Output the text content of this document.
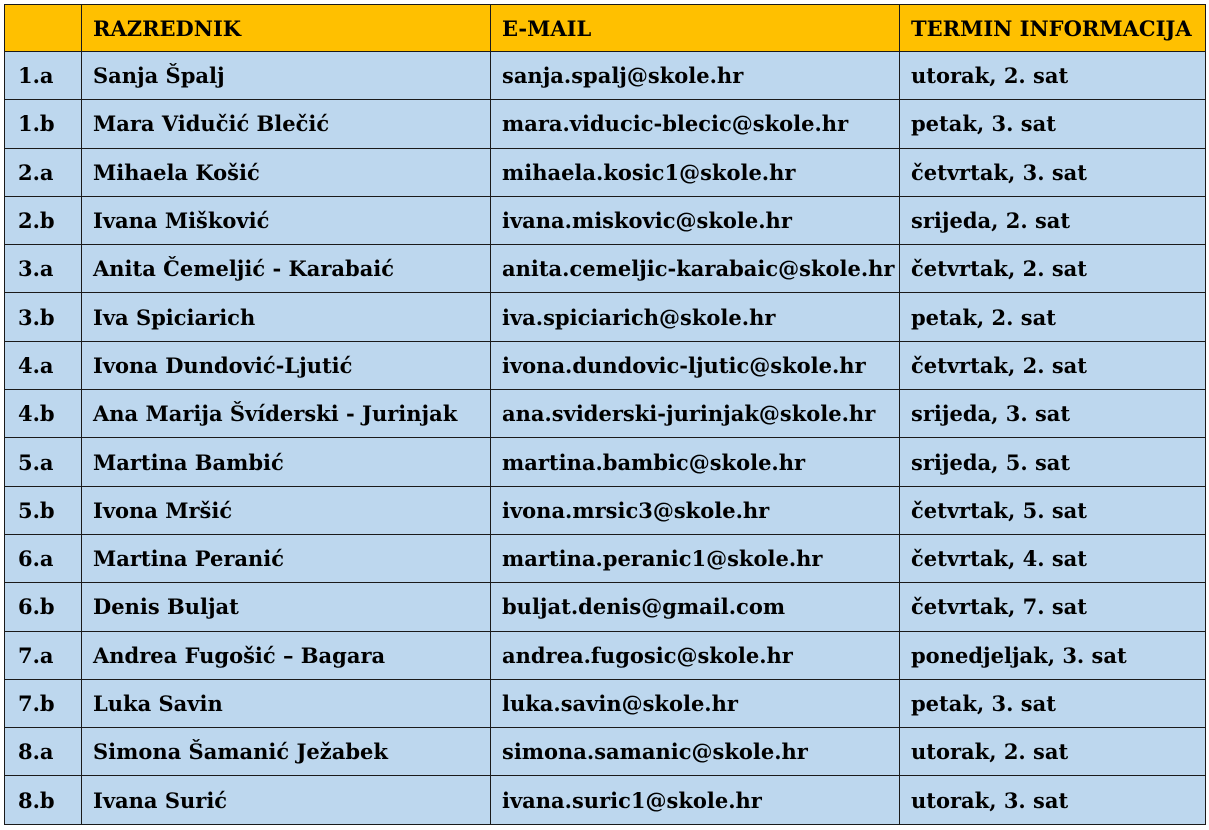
	RAZREDNIK	E-MAIL	TERMIN INFORMACIJA
1.a	Sanja Špalj	sanja.spalj@skole.hr	utorak, 2. sat
1.b	Mara Vidučić Blečić	mara.viducic-blecic@skole.hr	petak, 3. sat
2.a	Mihaela Košić	mihaela.kosic1@skole.hr	četvrtak, 3. sat
2.b	Ivana Mišković	ivana.miskovic@skole.hr	srijeda, 2. sat
3.a	Anita Čemeljić - Karabaić	anita.cemeljic-karabaic@skole.hr	četvrtak, 2. sat
3.b	Iva Spiciarich	iva.spiciarich@skole.hr	petak, 2. sat
4.a	Ivona Dundović-Ljutić	ivona.dundovic-ljutic@skole.hr	četvrtak, 2. sat
4.b	Ana Marija Švíderski - Jurinjak	ana.sviderski-jurinjak@skole.hr	srijeda, 3. sat
5.a	Martina Bambić	martina.bambic@skole.hr	srijeda, 5. sat
5.b	Ivona Mršić	ivona.mrsic3@skole.hr	četvrtak, 5. sat
6.a	Martina Peranić	martina.peranic1@skole.hr	četvrtak, 4. sat
6.b	Denis Buljat	buljat.denis@gmail.com	četvrtak, 7. sat
7.a	Andrea Fugošić – Bagara	andrea.fugosic@skole.hr	ponedjeljak, 3. sat
7.b	Luka Savin	luka.savin@skole.hr	petak, 3. sat
8.a	Simona Šamanić Ježabek	simona.samanic@skole.hr	utorak, 2. sat
8.b	Ivana Surić	ivana.suric1@skole.hr	utorak, 3. sat
